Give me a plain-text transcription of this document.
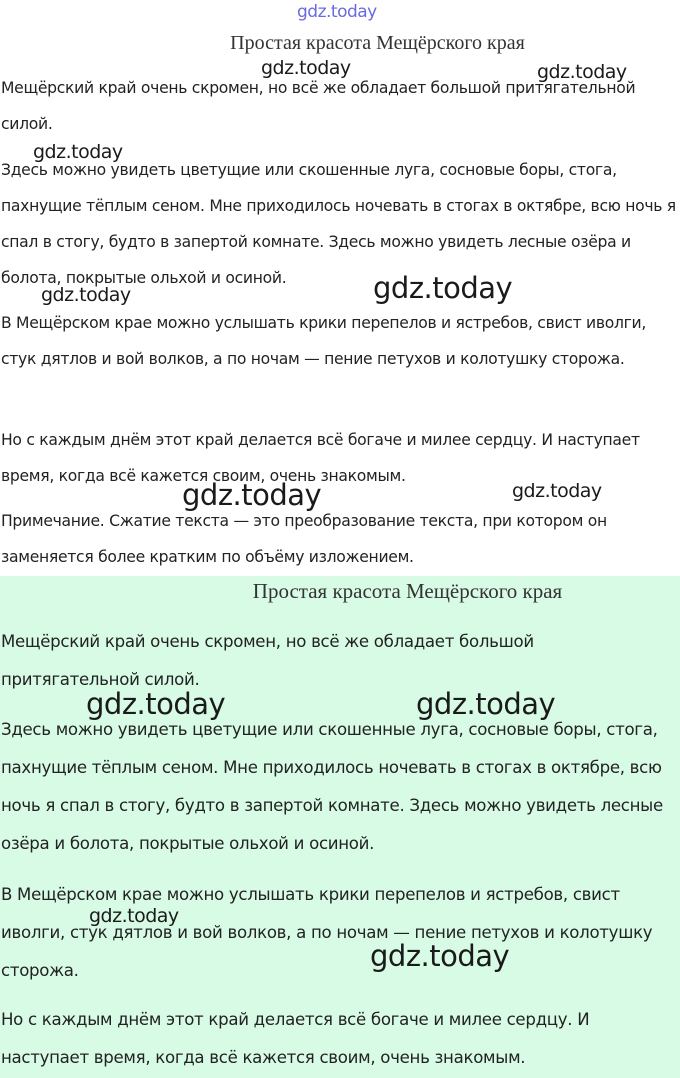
gdz.today
Простая красота Мещёрского края

Мещёрский край очень скромен, но всё же обладает большой притягательной силой.

Здесь можно увидеть цветущие или скошенные луга, сосновые боры, стога, пахнущие тёплым сеном. Мне приходилось ночевать в стогах в октябре, всю ночь я спал в стогу, будто в запертой комнате. Здесь можно увидеть лесные озёра и болота, покрытые ольхой и осиной.

В Мещёрском крае можно услышать крики перепелов и ястребов, свист иволги, стук дятлов и вой волков, а по ночам — пение петухов и колотушку сторожа.

Но с каждым днём этот край делается всё богаче и милее сердцу. И наступает время, когда всё кажется своим, очень знакомым.

Примечание. Сжатие текста — это преобразование текста, при котором он заменяется более кратким по объёму изложением.

Простая красота Мещёрского края

Мещёрский край очень скромен, но всё же обладает большой притягательной силой.

Здесь можно увидеть цветущие или скошенные луга, сосновые боры, стога, пахнущие тёплым сеном. Мне приходилось ночевать в стогах в октябре, всю ночь я спал в стогу, будто в запертой комнате. Здесь можно увидеть лесные озёра и болота, покрытые ольхой и осиной.

В Мещёрском крае можно услышать крики перепелов и ястребов, свист иволги, стук дятлов и вой волков, а по ночам — пение петухов и колотушку сторожа.

Но с каждым днём этот край делается всё богаче и милее сердцу. И наступает время, когда всё кажется своим, очень знакомым.

gdz.today	gdz.today
gdz.today
gdz.today	gdz.today
gdz.today	gdz.today
gdz.today	gdz.today
gdz.today
gdz.today
